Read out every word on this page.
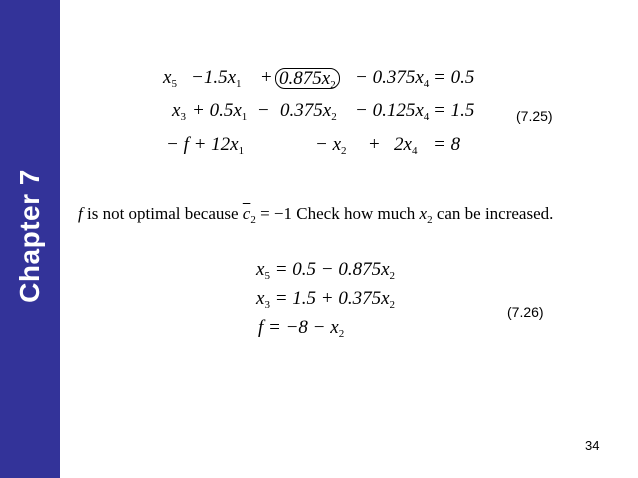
Chapter 7
$x_5 -1.5x_1 + 0.875x_2 - 0.375x_4 = 0.5$
$x_3 + 0.5x_1 - 0.375x_2 - 0.125x_4 = 1.5$
− $f + 12x_1$	− $x_2 + 2x_4 = 8$
(7.25)
f is not optimal because $\overline{c}_2 = -1$ Check how much $x_2$ can be increased.
$x_5 = 0.5 - 0.875x_2$
$x_3 = 1.5 + 0.375x_2$
$f = -8 - x_2$
(7.26)
34
